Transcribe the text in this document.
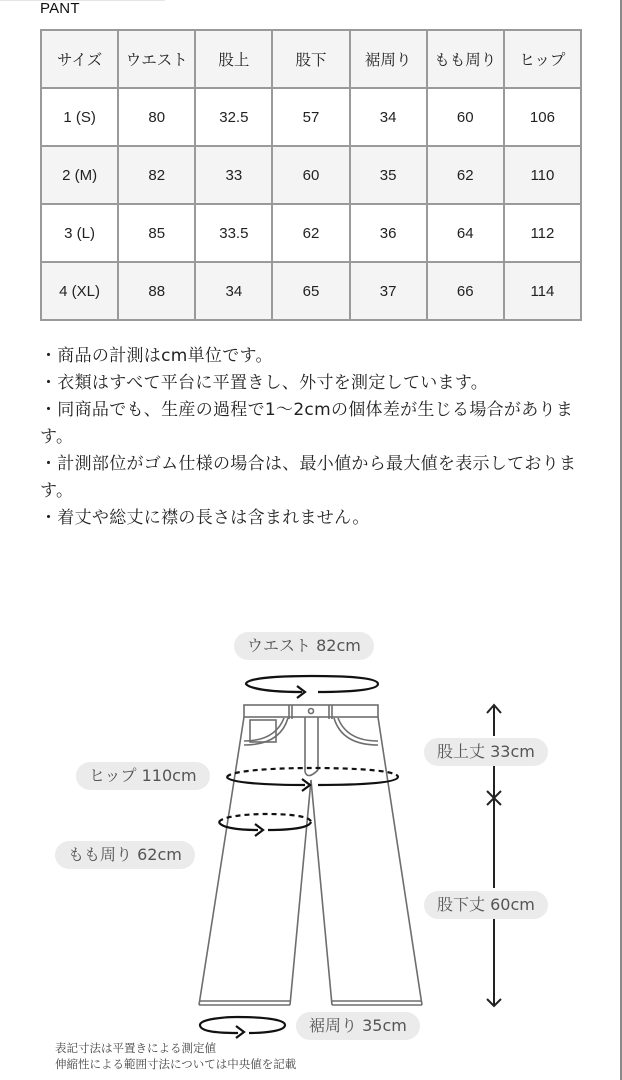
PANT
サイズ	ウエスト	股上	股下	裾周り	もも周り	ヒップ
1 (S)	80	32.5	57	34	60	106
2 (M)	82	33	60	35	62	110
3 (L)	85	33.5	62	36	64	112
4 (XL)	88	34	65	37	66	114

・商品の計測はcm単位です。

・衣類はすべて平台に平置きし、外寸を測定しています。

・同商品でも、生産の過程で1〜2cmの個体差が生じる場合があります。

・計測部位がゴム仕様の場合は、最小値から最大値を表示しております。

・着丈や総丈に襟の長さは含まれません。

ウエスト 82cm
ヒップ 110cm
もも周り 62cm
股上丈 33cm
股下丈 60cm
裾周り 35cm
表記寸法は平置きによる測定値
伸縮性による範囲寸法については中央値を記載
